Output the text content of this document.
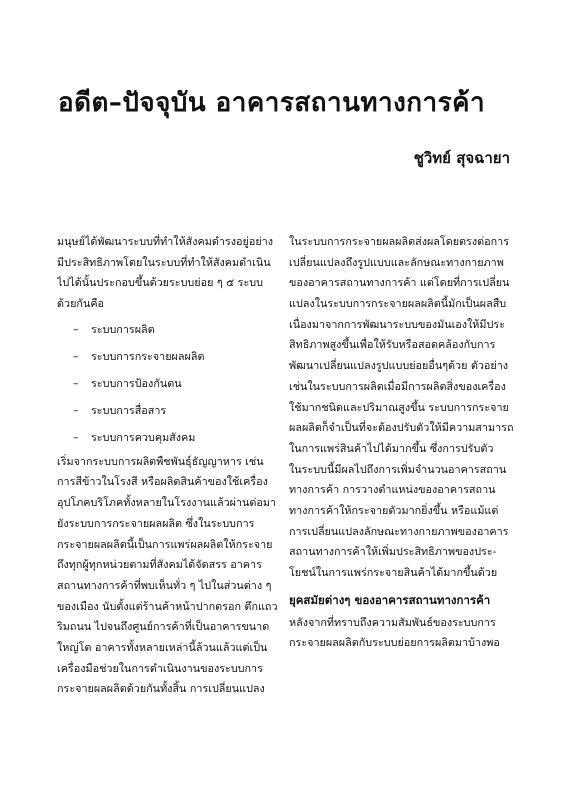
อดีต–ปัจจุบัน อาคารสถานทางการค้า
ชูวิทย์ สุจฉายา
มนุษย์ได้พัฒนาระบบที่ทำให้สังคมดำรงอยู่อย่าง
มีประสิทธิภาพโดยในระบบที่ทำให้สังคมดำเนิน
ไปได้นั้นประกอบขึ้นด้วยระบบย่อย ๆ ๕ ระบบ
ด้วยกันคือ
– ระบบการผลิต
– ระบบการกระจายผลผลิต
– ระบบการป้องกันตน
– ระบบการสื่อสาร
– ระบบการควบคุมสังคม
เริ่มจากระบบการผลิตพืชพันธุ์ธัญญาหาร เช่น
การสีข้าวในโรงสี หรือผลิตสินค้าของใช้เครื่อง
อุปโภคบริโภคทั้งหลายในโรงงานแล้วผ่านต่อมา
ยังระบบการกระจายผลผลิต ซึ่งในระบบการ
กระจายผลผลิตนี้เป็นการแพร่ผลผลิตให้กระจาย
ถึงทุกผู้ทุกหน่วยตามที่สังคมได้จัดสรร อาคาร
สถานทางการค้าที่พบเห็นทั่ว ๆ ไปในส่วนต่าง ๆ
ของเมือง นับตั้งแต่ร้านค้าหน้าปากตรอก ตึกแถว
ริมถนน ไปจนถึงศูนย์การค้าที่เป็นอาคารขนาด
ใหญ่โต อาคารทั้งหลายเหล่านี้ล้วนแล้วแต่เป็น
เครื่องมือช่วยในการดำเนินงานของระบบการ
กระจายผลผลิตด้วยกันทั้งสิ้น การเปลี่ยนแปลง
ในระบบการกระจายผลผลิตส่งผลโดยตรงต่อการ
เปลี่ยนแปลงถึงรูปแบบและลักษณะทางกายภาพ
ของอาคารสถานทางการค้า แต่โดยที่การเปลี่ยน
แปลงในระบบการกระจายผลผลิตนี้มักเป็นผลสืบ
เนื่องมาจากการพัฒนาระบบของมันเองให้มีประ
สิทธิภาพสูงขึ้นเพื่อให้รับหรือสอดคล้องกับการ
พัฒนาเปลี่ยนแปลงรูปแบบย่อยอื่นๆด้วย ตัวอย่าง
เช่นในระบบการผลิตเมื่อมีการผลิตสิ่งของเครื่อง
ใช้มากชนิดและปริมาณสูงขึ้น ระบบการกระจาย
ผลผลิตก็จำเป็นที่จะต้องปรับตัวให้มีความสามารถ
ในการแพร่สินค้าไปได้มากขึ้น ซึ่งการปรับตัว
ในระบบนี้มีผลไปถึงการเพิ่มจำนวนอาคารสถาน
ทางการค้า การวางตำแหน่งของอาคารสถาน
ทางการค้าให้กระจายตัวมากยิ่งขึ้น หรือแม้แต่
การเปลี่ยนแปลงลักษณะทางกายภาพของอาคาร
สถานทางการค้าให้เพิ่มประสิทธิภาพของประ-
โยชน์ในการแพร่กระจายสินค้าได้มากขึ้นด้วย
ยุคสมัยต่างๆ ของอาคารสถานทางการค้า
หลังจากที่ทราบถึงความสัมพันธ์ของระบบการ
กระจายผลผลิตกับระบบย่อยการผลิตมาบ้างพอ
